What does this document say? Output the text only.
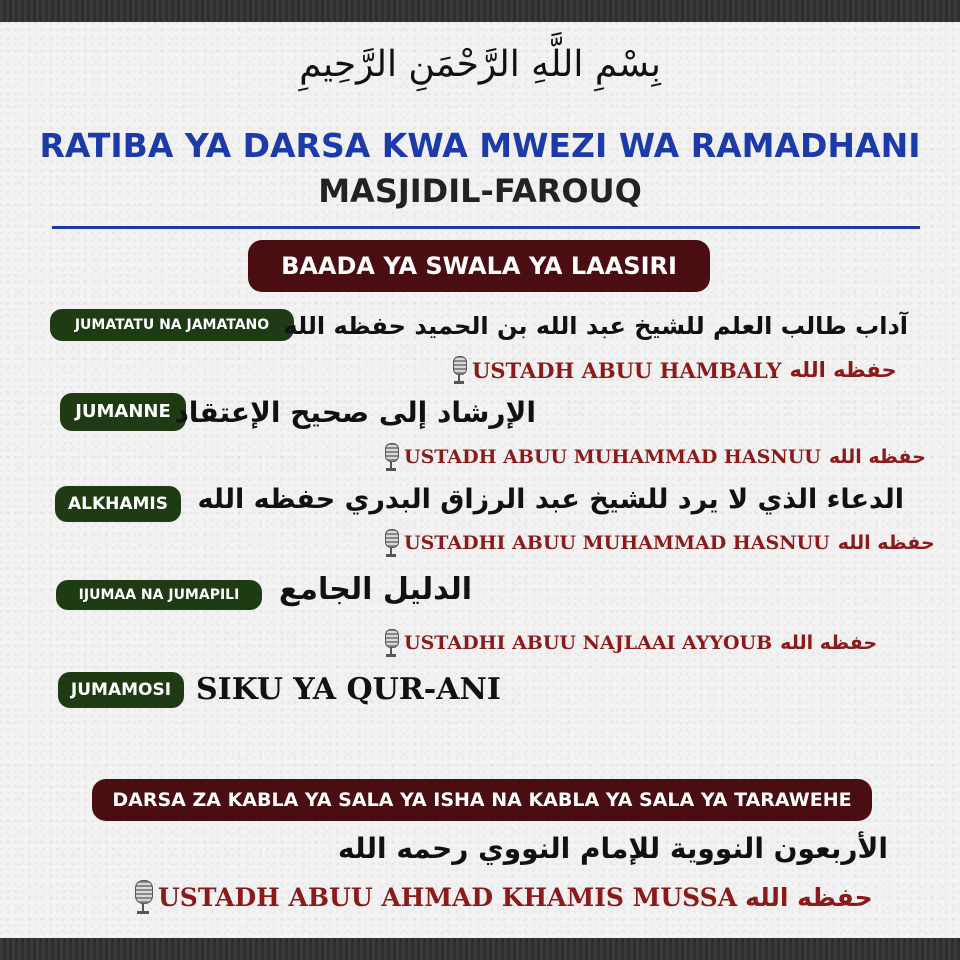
بِسْمِ اللَّهِ الرَّحْمَنِ الرَّحِيمِ
RATIBA YA DARSA KWA MWEZI WA RAMADHANI
MASJIDIL-FAROUQ
BAADA YA SWALA YA LAASIRI
JUMATATU NA JAMATANO آداب طالب العلم للشيخ عبد الله بن الحميد حفظه الله
USTADH ABUU HAMBALY حفظه الله
JUMANNE الإرشاد إلى صحيح الإعتقاد
USTADH ABUU MUHAMMAD HASNUU حفظه الله
ALKHAMIS	الدعاء الذي لا يرد للشيخ عبد الرزاق البدري حفظه الله
USTADHI ABUU MUHAMMAD HASNUU حفظه الله
IJUMAA NA JUMAPILI	الدليل الجامع
USTADHI ABUU NAJLAAI AYYOUB حفظه الله
JUMAMOSI SIKU YA QUR-ANI
DARSA ZA KABLA YA SALA YA ISHA NA KABLA YA SALA YA TARAWEHE
الأربعون النووية للإمام النووي رحمه الله
USTADH ABUU AHMAD KHAMIS MUSSA حفظه الله
